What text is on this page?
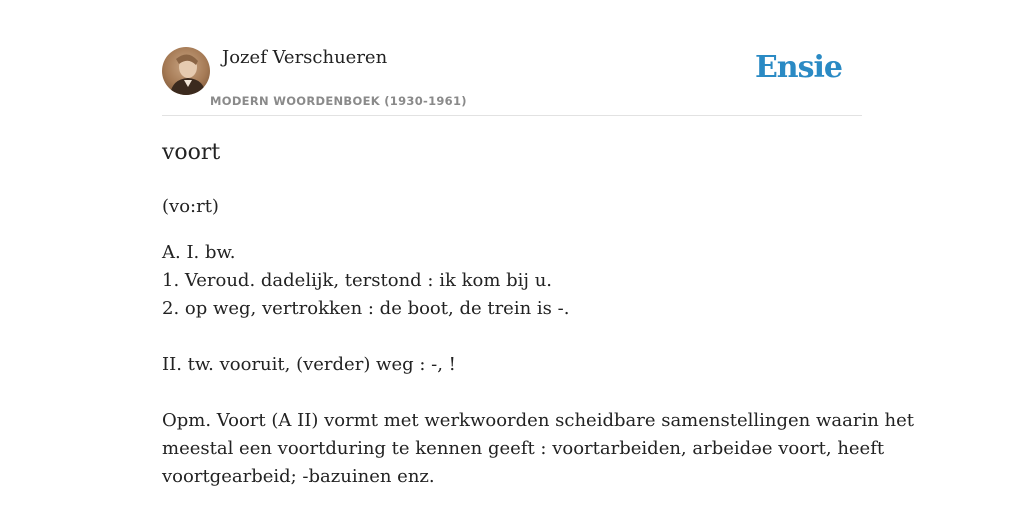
Jozef Verschueren
MODERN WOORDENBOEK (1930-1961)
Ensie
voort
(vo:rt)
A. I. bw.
1. Veroud. dadelijk, terstond : ik kom bij u.
2. op weg, vertrokken : de boot, de trein is -.
II. tw. vooruit, (verder) weg : -, !
Opm. Voort (A II) vormt met werkwoorden scheidbare samenstellingen waarin het
meestal een voortduring te kennen geeft : voortarbeiden, arbeidəe voort, heeft
voortgearbeid; -bazuinen enz.
